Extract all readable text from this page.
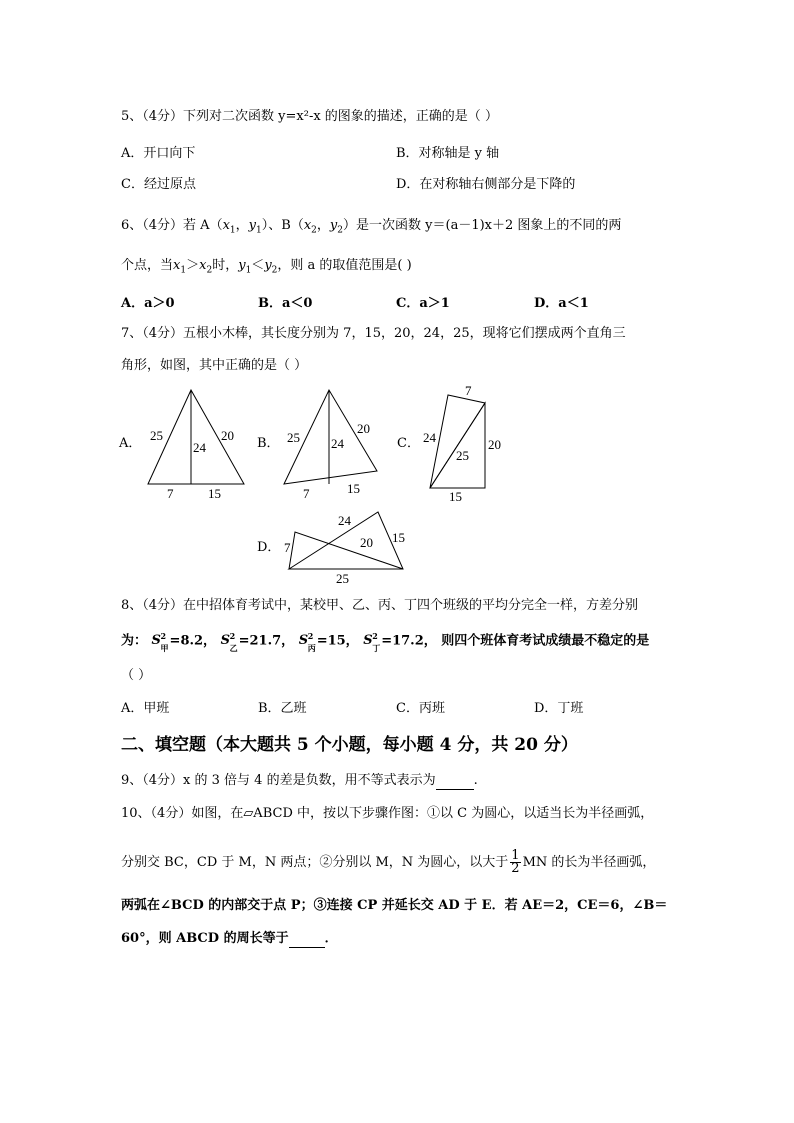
5、（4分）下列对二次函数 y=x²-x 的图象的描述，正确的是（ ）
A．开口向下	B．对称轴是 y 轴
C．经过原点	D．在对称轴右侧部分是下降的
6、（4分）若 $A(x_1$，$y_1$）、$B(x_2$，$y_2$）是一次函数 y＝(a－1)x＋2 图象上的不同的两
个点，当$x_1>x_2$时，$y_1<y_2$，则 a 的取值范围是( )
A．a＞0	B．a＜0	C．a＞1	D．a＜1
7、（4分）五根小木棒，其长度分别为 7，15，20，24，25，现将它们摆成两个直角三
角形，如图，其中正确的是（ ）
A．	B．	C．
D．
25
24
20
7	15
25 24
20
7	15
7
24
25
20
15
24
7	20 15
25
8、（4分）在中招体育考试中，某校甲、乙、丙、丁四个班级的平均分完全一样，方差分别
为： S 2
甲 =8.2， S 2
乙 =21.7， S 2
丙 =15， S 2
丁 =17.2， 则四个班体育考试成绩最不稳定的是
（ ）
A．甲班	B．乙班	C．丙班	D．丁班
二、填空题（本大题共 5 个小题，每小题 4 分，共 20 分）
9、（4分）x 的 3 倍与 4 的差是负数，用不等式表示为	.
10、（4分）如图，在▱ABCD 中，按以下步骤作图：①以 C 为圆心，以适当长为半径画弧，
分别交 BC，CD 于 M，N 两点；②分别以 M，N 为圆心，以大于 $\frac{1}{2}$ MN 的长为半径画弧，
两弧在∠BCD 的内部交于点 P；③连接 CP 并延长交 AD 于 E．若 AE＝2，CE＝6，∠B＝
60°，则 ABCD 的周长等于	．
